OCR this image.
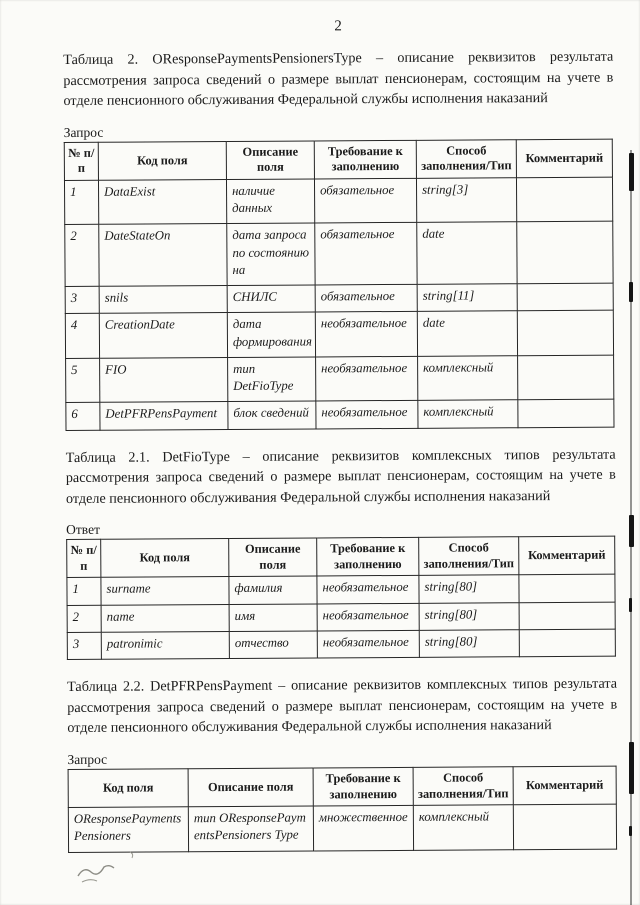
2

Таблица 2. OResponsePaymentsPensionersType – описание реквизитов результата рассмотрения запроса сведений о размере выплат пенсионерам, состоящим на учете в отделе пенсионного обслуживания Федеральной службы исполнения наказаний

Запрос
№ п/п	Код поля	Описание поля	Требование к заполнению	Способ заполнения/Тип	Комментарий
1	DataExist	наличие данных	обязательное	string[3]	
2	DateStateOn	дата запроса по состоянию на	обязательное	date	
3	snils	СНИЛС	обязательное	string[11]	
4	CreationDate	дата формирования	необязательное	date	
5	FIO	тип DetFioType	необязательное	комплексный	
6	DetPFRPensPayment	блок сведений	необязательное	комплексный	

Таблица 2.1. DetFioType – описание реквизитов комплексных типов результата рассмотрения запроса сведений о размере выплат пенсионерам, состоящим на учете в отделе пенсионного обслуживания Федеральной службы исполнения наказаний

Ответ
№ п/п	Код поля	Описание поля	Требование к заполнению	Способ заполнения/Тип	Комментарий
1	surname	фамилия	необязательное	string[80]	
2	name	имя	необязательное	string[80]	
3	patronimic	отчество	необязательное	string[80]	

Таблица 2.2. DetPFRPensPayment – описание реквизитов комплексных типов результата рассмотрения запроса сведений о размере выплат пенсионерам, состоящим на учете в отделе пенсионного обслуживания Федеральной службы исполнения наказаний

Запрос
Код поля	Описание поля	Требование к заполнению	Способ заполнения/Тип	Комментарий
OResponsePayments Pensioners	тип OResponsePaymentsPensioners Type	множественное	комплексный	
